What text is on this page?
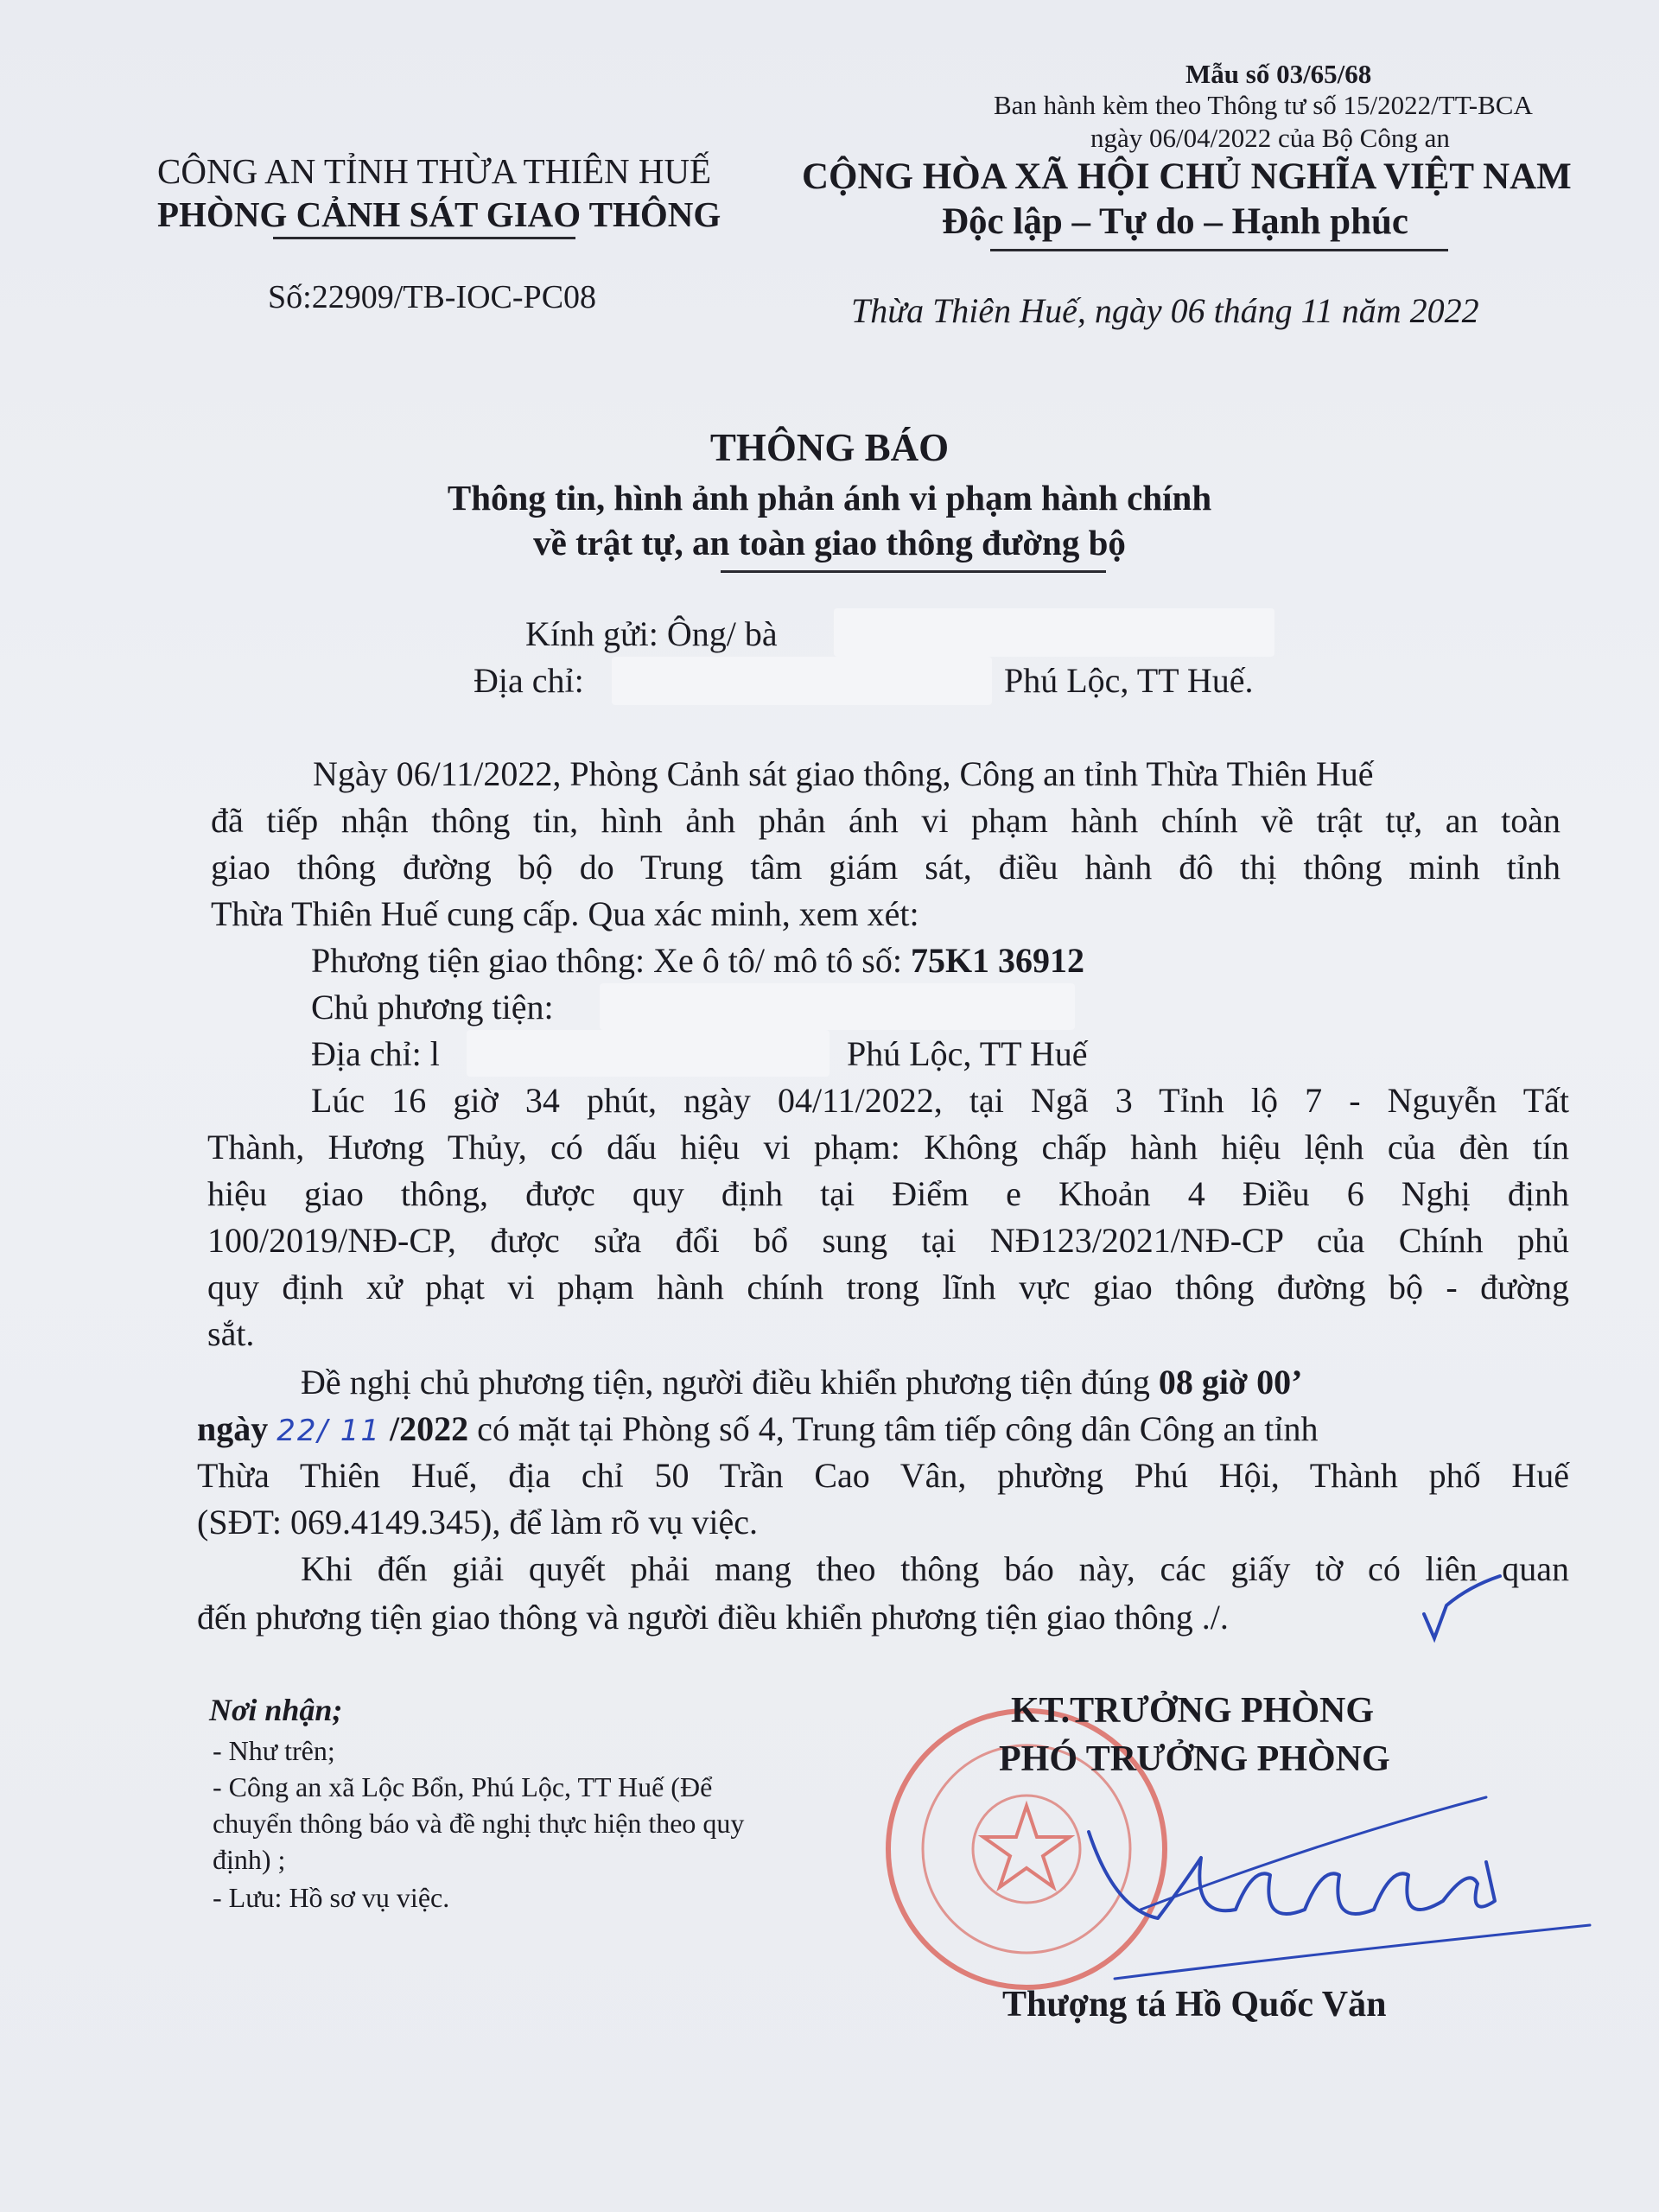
Mẫu số 03/65/68
Ban hành kèm theo Thông tư số 15/2022/TT-BCA
ngày 06/04/2022 của Bộ Công an
CÔNG AN TỈNH THỪA THIÊN HUẾ
PHÒNG CẢNH SÁT GIAO THÔNG
CỘNG HÒA XÃ HỘI CHỦ NGHĨA VIỆT NAM
Độc lập – Tự do – Hạnh phúc
Số:22909/TB-IOC-PC08	Thừa Thiên Huế, ngày 06 tháng 11 năm 2022
THÔNG BÁO
Thông tin, hình ảnh phản ánh vi phạm hành chính
về trật tự, an toàn giao thông đường bộ
Kính gửi: Ông/ bà
Địa chỉ:	Phú Lộc, TT Huế.
Ngày 06/11/2022, Phòng Cảnh sát giao thông, Công an tỉnh Thừa Thiên Huế
đã tiếp nhận thông tin, hình ảnh phản ánh vi phạm hành chính về trật tự, an toàn
giao thông đường bộ do Trung tâm giám sát, điều hành đô thị thông minh tỉnh
Thừa Thiên Huế cung cấp. Qua xác minh, xem xét:
Phương tiện giao thông: Xe ô tô/ mô tô số: 75K1 36912
Chủ phương tiện:
Địa chỉ: l	Phú Lộc, TT Huế
Lúc 16 giờ 34 phút, ngày 04/11/2022, tại Ngã 3 Tỉnh lộ 7 - Nguyễn Tất
Thành, Hương Thủy, có dấu hiệu vi phạm: Không chấp hành hiệu lệnh của đèn tín
hiệu giao thông, được quy định tại Điểm e Khoản 4 Điều 6 Nghị định
100/2019/NĐ-CP, được sửa đổi bổ sung tại NĐ123/2021/NĐ-CP của Chính phủ
quy định xử phạt vi phạm hành chính trong lĩnh vực giao thông đường bộ - đường
sắt.
Đề nghị chủ phương tiện, người điều khiển phương tiện đúng 08 giờ 00’
ngày 22/ 11 /2022 có mặt tại Phòng số 4, Trung tâm tiếp công dân Công an tỉnh
Thừa Thiên Huế, địa chỉ 50 Trần Cao Vân, phường Phú Hội, Thành phố Huế
(SĐT: 069.4149.345), để làm rõ vụ việc.
Khi đến giải quyết phải mang theo thông báo này, các giấy tờ có liên quan
đến phương tiện giao thông và người điều khiển phương tiện giao thông ./.
Nơi nhận;
- Như trên;
- Công an xã Lộc Bổn, Phú Lộc, TT Huế (Để
chuyển thông báo và đề nghị thực hiện theo quy
định) ;
- Lưu: Hồ sơ vụ việc.
KT.TRƯỞNG PHÒNG
PHÓ TRƯỞNG PHÒNG
Thượng tá Hồ Quốc Văn
